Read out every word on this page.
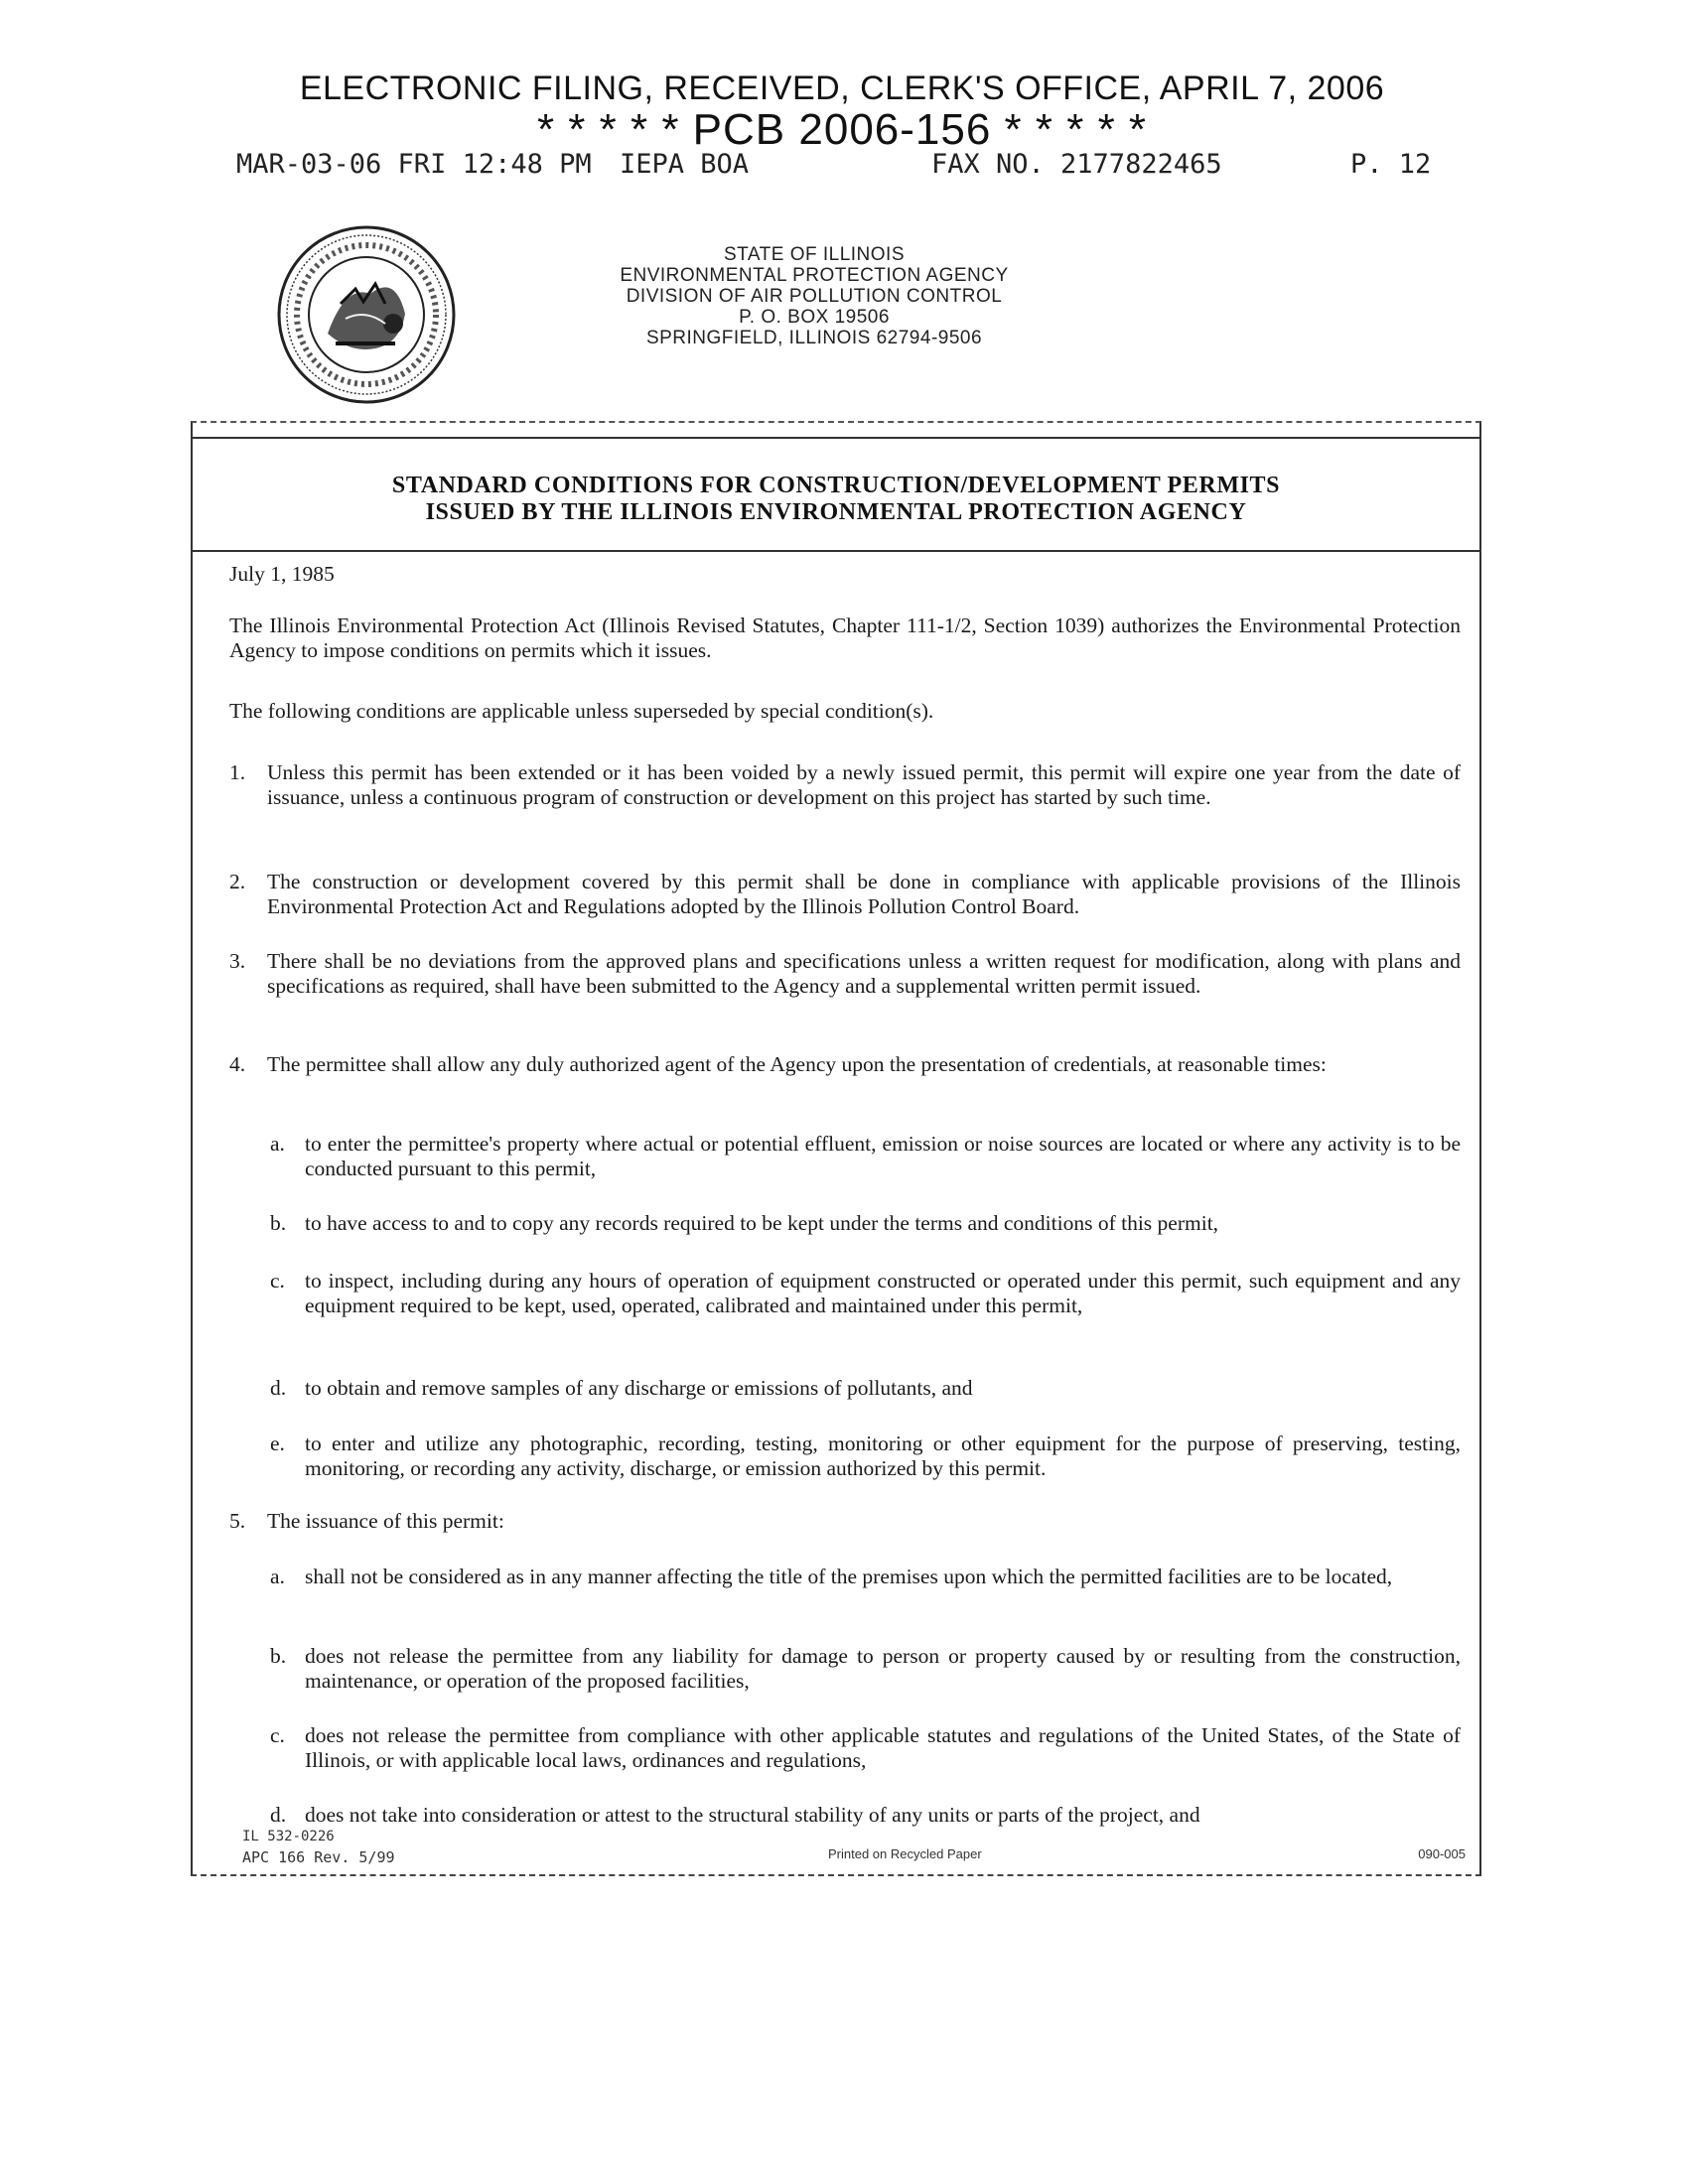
ELECTRONIC FILING, RECEIVED, CLERK'S OFFICE, APRIL 7, 2006
* * * * * PCB 2006-156 * * * * *
MAR-03-06 FRI 12:48 PM IEPA BOA	FAX NO. 2177822465	P. 12
STATE OF ILLINOIS
ENVIRONMENTAL PROTECTION AGENCY
DIVISION OF AIR POLLUTION CONTROL
P. O. BOX 19506
SPRINGFIELD, ILLINOIS 62794-9506
STANDARD CONDITIONS FOR CONSTRUCTION/DEVELOPMENT PERMITS
ISSUED BY THE ILLINOIS ENVIRONMENTAL PROTECTION AGENCY

July 1, 1985

The Illinois Environmental Protection Act (Illinois Revised Statutes, Chapter 111-1/2, Section 1039) authorizes the Environmental Protection Agency to impose conditions on permits which it issues.

The following conditions are applicable unless superseded by special condition(s).

1. Unless this permit has been extended or it has been voided by a newly issued permit, this permit will expire one year from the date of issuance, unless a continuous program of construction or development on this project has started by such time.
2. The construction or development covered by this permit shall be done in compliance with applicable provisions of the Illinois Environmental Protection Act and Regulations adopted by the Illinois Pollution Control Board.
3. There shall be no deviations from the approved plans and specifications unless a written request for modification, along with plans and specifications as required, shall have been submitted to the Agency and a supplemental written permit issued.
4. The permittee shall allow any duly authorized agent of the Agency upon the presentation of credentials, at reasonable times:
a. to enter the permittee's property where actual or potential effluent, emission or noise sources are located or where any activity is to be conducted pursuant to this permit,
b. to have access to and to copy any records required to be kept under the terms and conditions of this permit,
c. to inspect, including during any hours of operation of equipment constructed or operated under this permit, such equipment and any equipment required to be kept, used, operated, calibrated and maintained under this permit,
d. to obtain and remove samples of any discharge or emissions of pollutants, and
e. to enter and utilize any photographic, recording, testing, monitoring or other equipment for the purpose of preserving, testing, monitoring, or recording any activity, discharge, or emission authorized by this permit.
5. The issuance of this permit:
a. shall not be considered as in any manner affecting the title of the premises upon which the permitted facilities are to be located,
b. does not release the permittee from any liability for damage to person or property caused by or resulting from the construction, maintenance, or operation of the proposed facilities,
c. does not release the permittee from compliance with other applicable statutes and regulations of the United States, of the State of Illinois, or with applicable local laws, ordinances and regulations,
d. does not take into consideration or attest to the structural stability of any units or parts of the project, and
IL 532-0226
APC 166 Rev. 5/99	Printed on Recycled Paper	090-005
